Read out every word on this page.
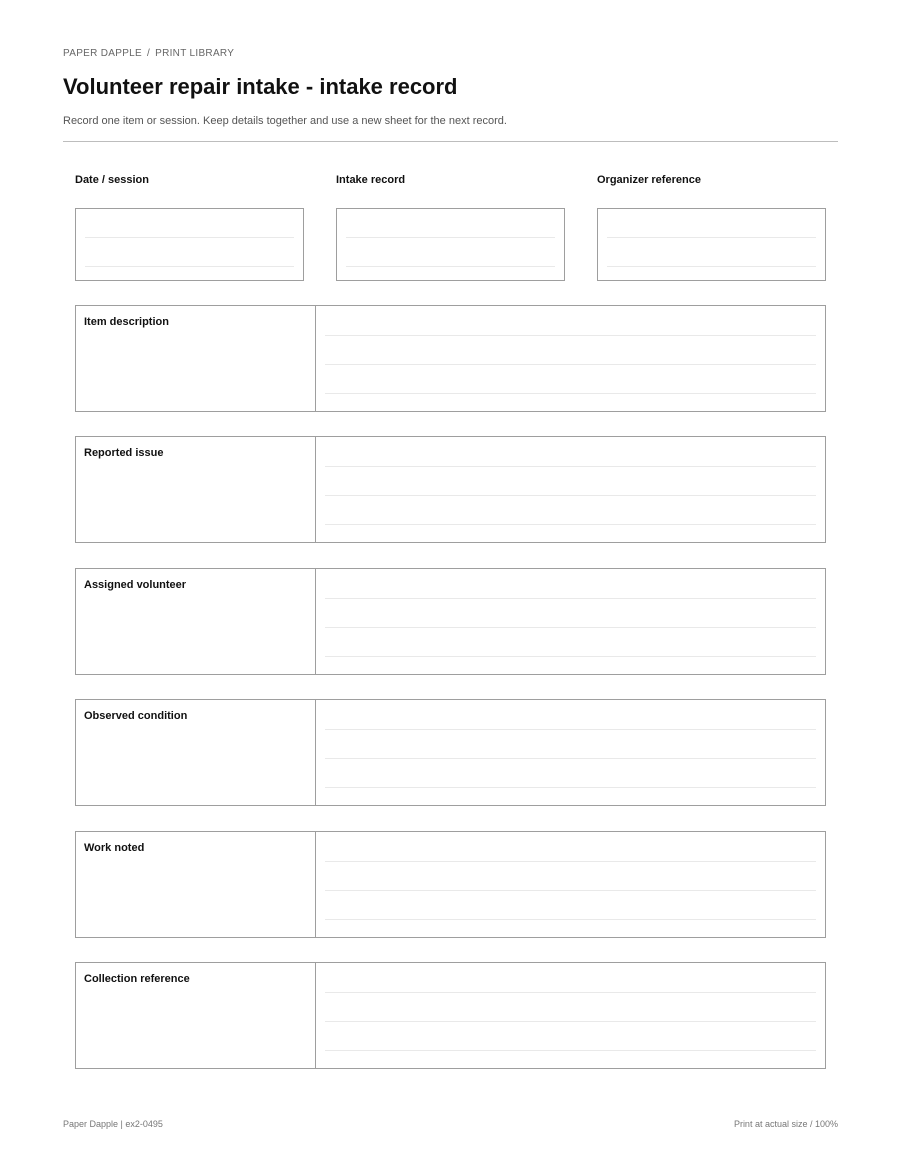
PAPER DAPPLE / PRINT LIBRARY
Volunteer repair intake - intake record
Record one item or session. Keep details together and use a new sheet for the next record.
Date / session	Intake record	Organizer reference
Item description
Reported issue
Assigned volunteer
Observed condition
Work noted
Collection reference
Paper Dapple | ex2-0495	Print at actual size / 100%
